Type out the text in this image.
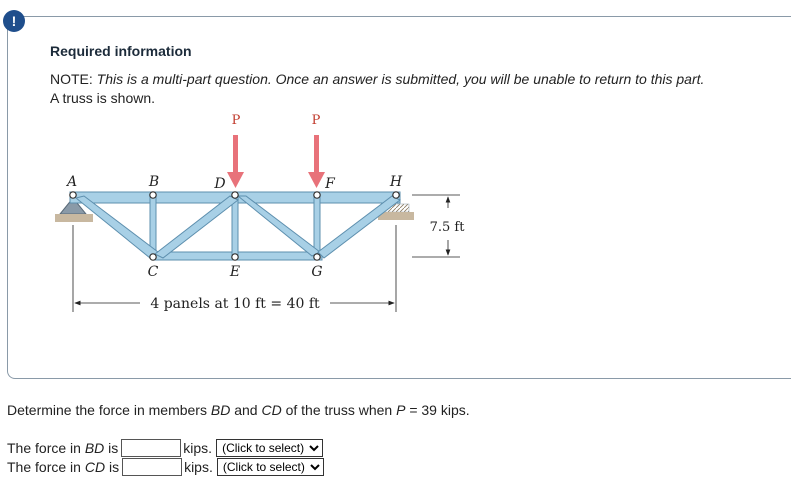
!
Required information
NOTE: This is a multi-part question. Once an answer is submitted, you will be unable to return to this part.
A truss is shown.
P	P
A	B	D	F	H
C	E	G
7.5 ft
4 panels at 10 ft = 40 ft
Determine the force in members BD and CD of the truss when P = 39 kips.
The force in BD is	kips.
(Click to select)
The force in CD is	kips.
(Click to select)
